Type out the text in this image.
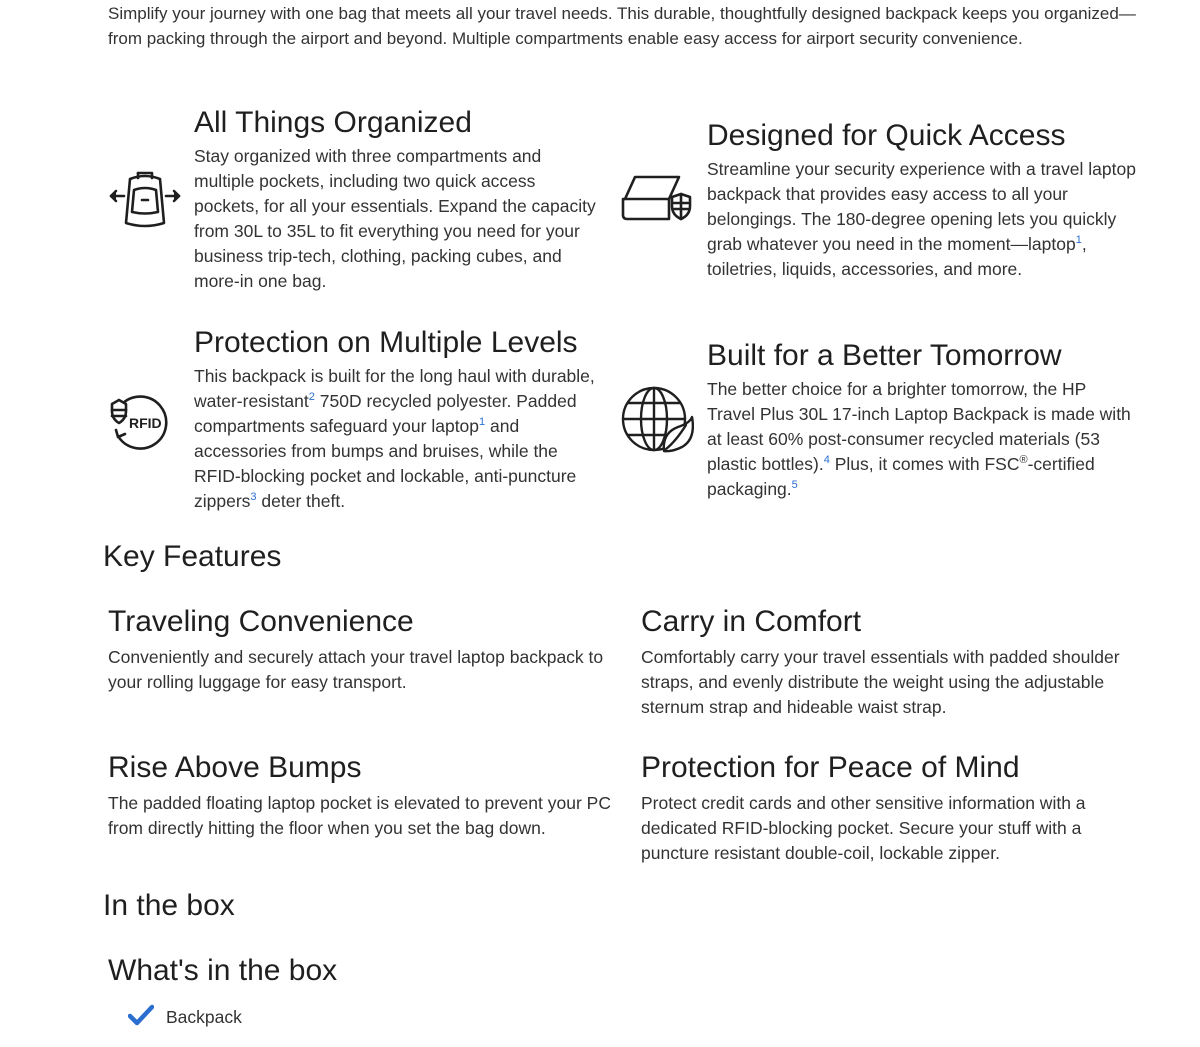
Simplify your journey with one bag that meets all your travel needs. This durable, thoughtfully designed backpack keeps you organized—from packing through the airport and beyond. Multiple compartments enable easy access for airport security convenience.
All Things Organized

Stay organized with three compartments and multiple pockets, including two quick access pockets, for all your essentials. Expand the capacity from 30L to 35L to fit everything you need for your business trip-tech, clothing, packing cubes, and more-in one bag.

Designed for Quick Access

Streamline your security experience with a travel laptop backpack that provides easy access to all your belongings. The 180-degree opening lets you quickly grab whatever you need in the moment—laptop$^1$, toiletries, liquids, accessories, and more.

RFID
Protection on Multiple Levels

This backpack is built for the long haul with durable, water-resistant$^2$ 750D recycled polyester. Padded compartments safeguard your laptop$^1$ and accessories from bumps and bruises, while the RFID-blocking pocket and lockable, anti-puncture zippers$^3$ deter theft.

Built for a Better Tomorrow

The better choice for a brighter tomorrow, the HP Travel Plus 30L 17-inch Laptop Backpack is made with at least 60% post-consumer recycled materials (53 plastic bottles).$^4$ Plus, it comes with FSC®-certified packaging.$^5$

Key Features
Traveling Convenience

Conveniently and securely attach your travel laptop backpack to your rolling luggage for easy transport.

Carry in Comfort

Comfortably carry your travel essentials with padded shoulder straps, and evenly distribute the weight using the adjustable sternum strap and hideable waist strap.

Rise Above Bumps

The padded floating laptop pocket is elevated to prevent your PC from directly hitting the floor when you set the bag down.

Protection for Peace of Mind

Protect credit cards and other sensitive information with a dedicated RFID-blocking pocket. Secure your stuff with a puncture resistant double-coil, lockable zipper.

In the box
What's in the box
Backpack
